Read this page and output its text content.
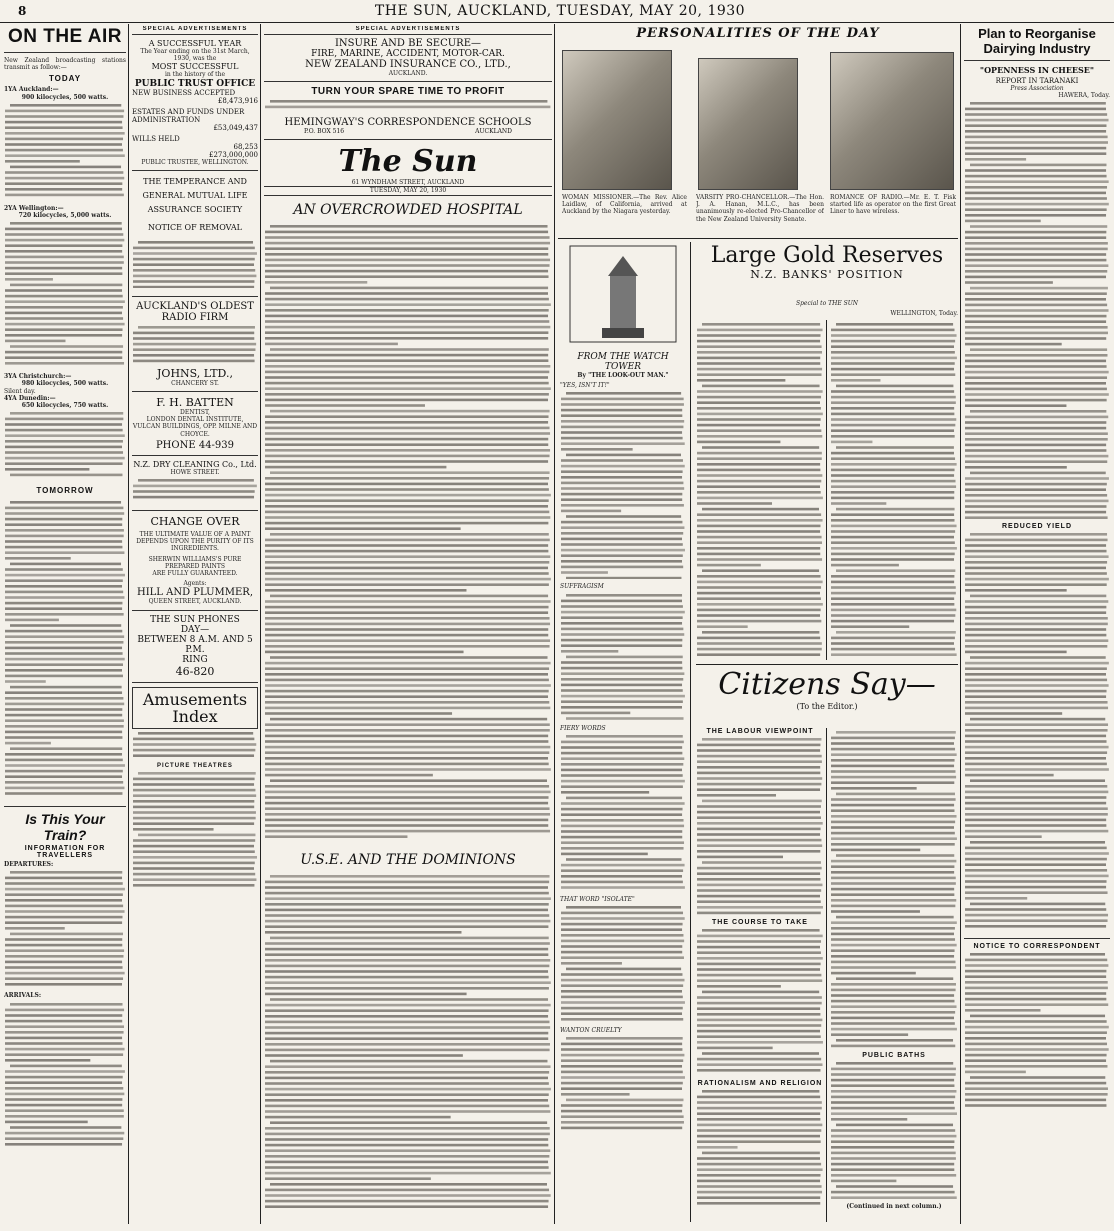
8	THE SUN, AUCKLAND, TUESDAY, MAY 20, 1930
ON THE AIR
New Zealand broadcasting stations transmit as follow:—
TODAY
1YA Auckland:—
900 kilocycles, 500 watts.
2YA Wellington:—
720 kilocycles, 5,000 watts.
3YA Christchurch:—
980 kilocycles, 500 watts.
Silent day.
4YA Dunedin:—
650 kilocycles, 750 watts.
TOMORROW
Is This Your Train?
INFORMATION FOR TRAVELLERS
DEPARTURES:
ARRIVALS:
SPECIAL ADVERTISEMENTS
A SUCCESSFUL YEAR
The Year ending on the 31st March, 1930, was the
MOST SUCCESSFUL
in the history of the
PUBLIC TRUST OFFICE
NEW BUSINESS ACCEPTED
£8,473,916
ESTATES AND FUNDS UNDER ADMINISTRATION
£53,049,437
WILLS HELD
68,253
£273,000,000
PUBLIC TRUSTEE, WELLINGTON.
THE TEMPERANCE AND GENERAL MUTUAL LIFE ASSURANCE SOCIETY
NOTICE OF REMOVAL
AUCKLAND'S OLDEST RADIO FIRM
JOHNS, LTD.,
CHANCERY ST.
F. H. BATTEN
DENTIST,
LONDON DENTAL INSTITUTE, VULCAN BUILDINGS, OPP. MILNE AND CHOYCE.
PHONE 44-939
N.Z. DRY CLEANING Co., Ltd.
HOWE STREET.
CHANGE OVER
THE ULTIMATE VALUE OF A PAINT DEPENDS UPON THE PURITY OF ITS INGREDIENTS.
SHERWIN WILLIAMS'S PURE PREPARED PAINTS
ARE FULLY GUARANTEED.
Agents:
HILL AND PLUMMER,
QUEEN STREET, AUCKLAND.
THE SUN PHONES
DAY—
BETWEEN 8 A.M. AND 5 P.M.
RING
46-820
Amusements Index
PICTURE THEATRES
SPECIAL ADVERTISEMENTS
INSURE AND BE SECURE—
FIRE, MARINE, ACCIDENT, MOTOR-CAR.
NEW ZEALAND INSURANCE CO., LTD.,
AUCKLAND.
TURN YOUR SPARE TIME TO PROFIT
HEMINGWAY'S CORRESPONDENCE SCHOOLS
P.O. BOX 516	AUCKLAND
The Sun
61 WYNDHAM STREET, AUCKLAND
TUESDAY, MAY 20, 1930
AN OVERCROWDED HOSPITAL
U.S.E. AND THE DOMINIONS
PERSONALITIES OF THE DAY
WOMAN MISSIONER.—The Rev. Alice Laidlaw, of California, arrived at Auckland by the Niagara yesterday.
VARSITY PRO-CHANCELLOR.—The Hon. J. A. Hanan, M.L.C., has been unanimously re-elected Pro-Chancellor of the New Zealand University Senate.
ROMANCE OF RADIO.—Mr. E. T. Fisk started life as operator on the first Great Liner to have wireless.
FROM THE WATCH TOWER
By "THE LOOK-OUT MAN."
"YES, ISN'T IT!"
SUFFRAGISM
FIERY WORDS
THAT WORD "ISOLATE"
WANTON CRUELTY
Large Gold Reserves
N.Z. BANKS' POSITION
Special to THE SUN
WELLINGTON, Today.
Citizens Say—
(To the Editor.)
THE LABOUR VIEWPOINT
THE COURSE TO TAKE
RATIONALISM AND RELIGION
PUBLIC BATHS
(Continued in next column.)
Plan to Reorganise Dairying Industry
"OPENNESS IN CHEESE"
REPORT IN TARANAKI
Press Association
HAWERA, Today.
REDUCED YIELD
NOTICE TO CORRESPONDENT
